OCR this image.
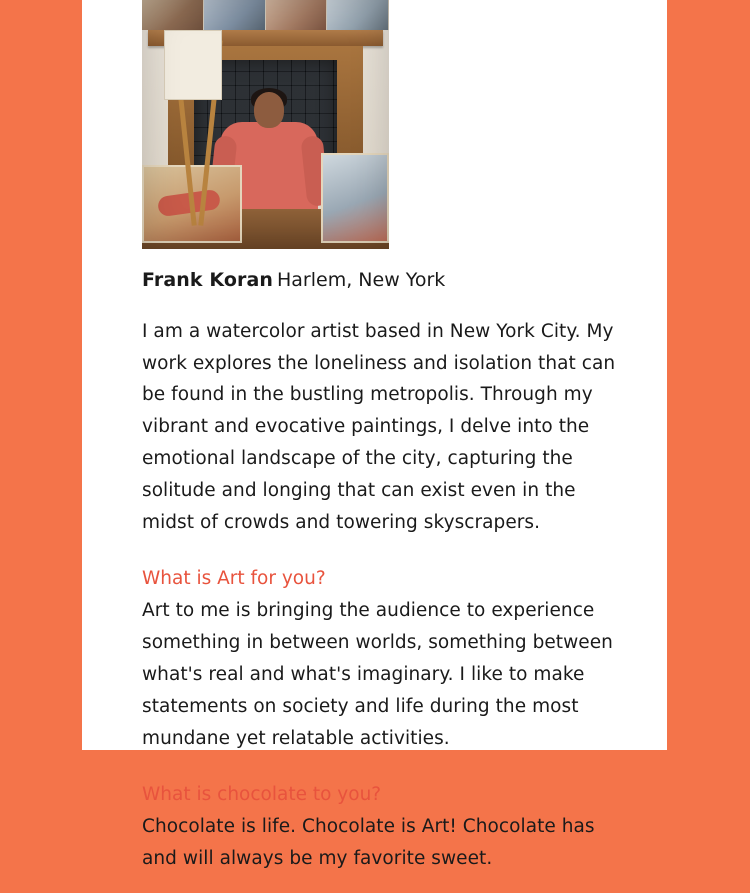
Frank Koran Harlem, New York

I am a watercolor artist based in New York City. My work explores the loneliness and isolation that can be found in the bustling metropolis. Through my vibrant and evocative paintings, I delve into the emotional landscape of the city, capturing the solitude and longing that can exist even in the midst of crowds and towering skyscrapers.

What is Art for you?

Art to me is bringing the audience to experience something in between worlds, something between what's real and what's imaginary. I like to make statements on society and life during the most mundane yet relatable activities.

What is chocolate to you?

Chocolate is life. Chocolate is Art! Chocolate has and will always be my favorite sweet.
